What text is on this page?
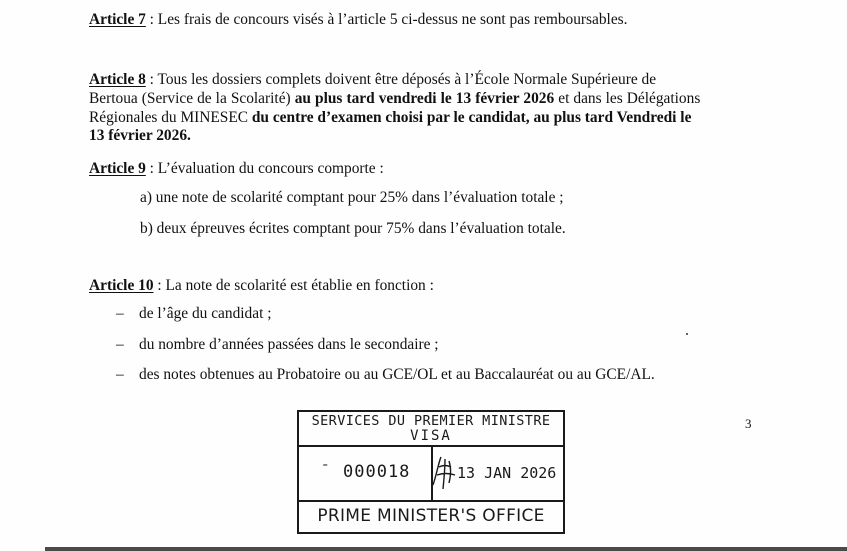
Article 7 : Les frais de concours visés à l’article 5 ci-dessus ne sont pas remboursables.
Article 8 : Tous les dossiers complets doivent être déposés à l’École Normale Supérieure de
Bertoua (Service de la Scolarité) au plus tard vendredi le 13 février 2026 et dans les Délégations
Régionales du MINESEC du centre d’examen choisi par le candidat, au plus tard Vendredi le
13 février 2026.
Article 9 : L’évaluation du concours comporte :
a) une note de scolarité comptant pour 25% dans l’évaluation totale ;
b) deux épreuves écrites comptant pour 75% dans l’évaluation totale.
Article 10 : La note de scolarité est établie en fonction :
– de l’âge du candidat ;
– du nombre d’années passées dans le secondaire ;
– des notes obtenues au Probatoire ou au GCE/OL et au Baccalauréat ou au GCE/AL.
SERVICES DU PREMIER MINISTRE
VISA
ˉ 000018	13 JAN 2026
PRIME MINISTER'S OFFICE
3
